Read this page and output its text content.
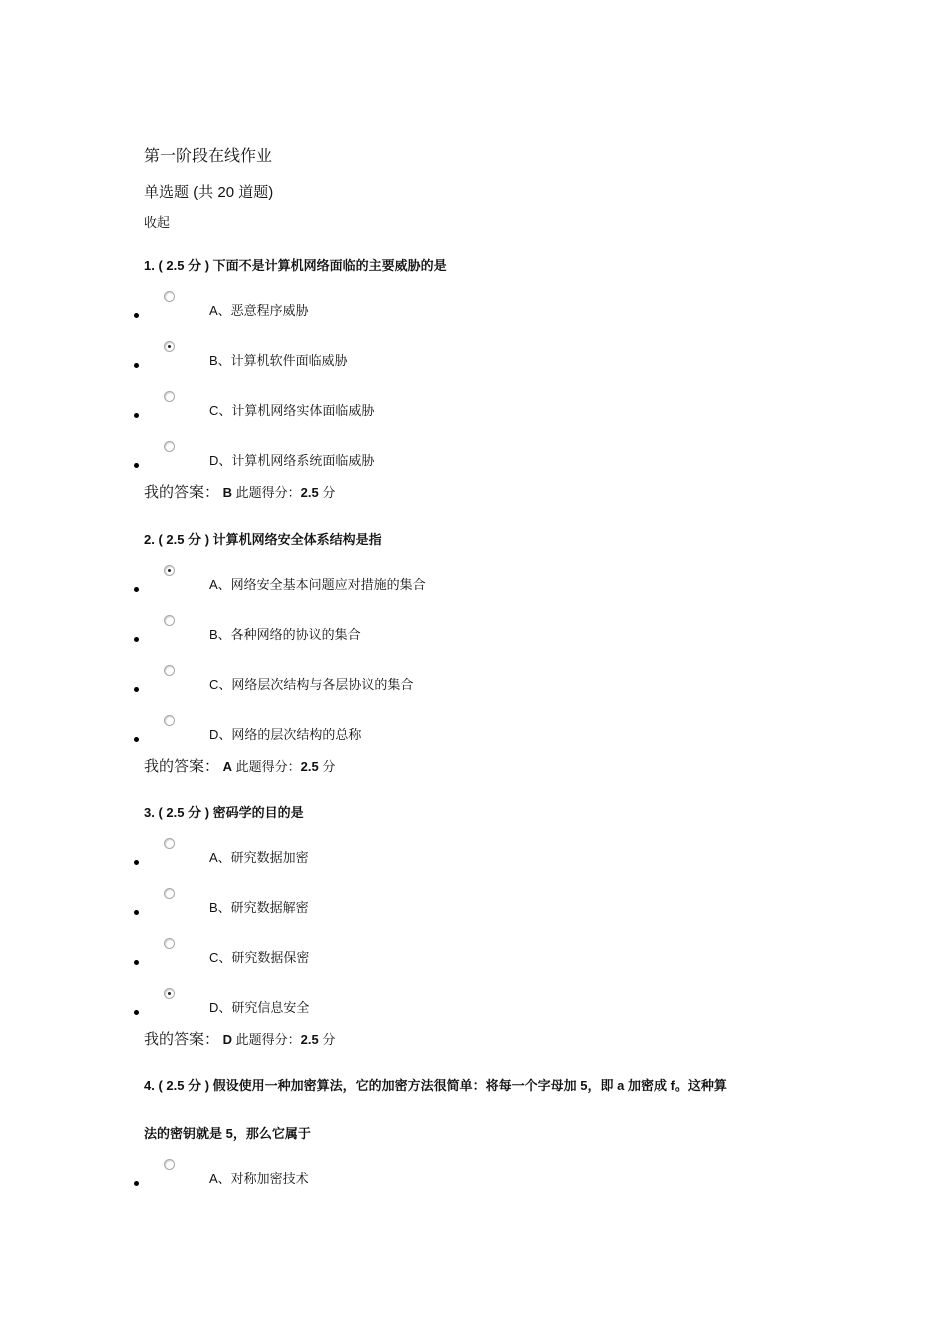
第一阶段在线作业
单选题 (共 20 道题)
收起
1. ( 2.5 分 ) 下面不是计算机网络面临的主要威胁的是
A、恶意程序威胁
B、计算机软件面临威胁
C、计算机网络实体面临威胁
D、计算机网络系统面临威胁
我的答案： B 此题得分：2.5 分
2. ( 2.5 分 ) 计算机网络安全体系结构是指
A、网络安全基本问题应对措施的集合
B、各种网络的协议的集合
C、网络层次结构与各层协议的集合
D、网络的层次结构的总称
我的答案： A 此题得分：2.5 分
3. ( 2.5 分 ) 密码学的目的是
A、研究数据加密
B、研究数据解密
C、研究数据保密
D、研究信息安全
我的答案： D 此题得分：2.5 分
4. ( 2.5 分 ) 假设使用一种加密算法，它的加密方法很简单：将每一个字母加 5，即 a 加密成 f。这种算
法的密钥就是 5，那么它属于
A、对称加密技术
